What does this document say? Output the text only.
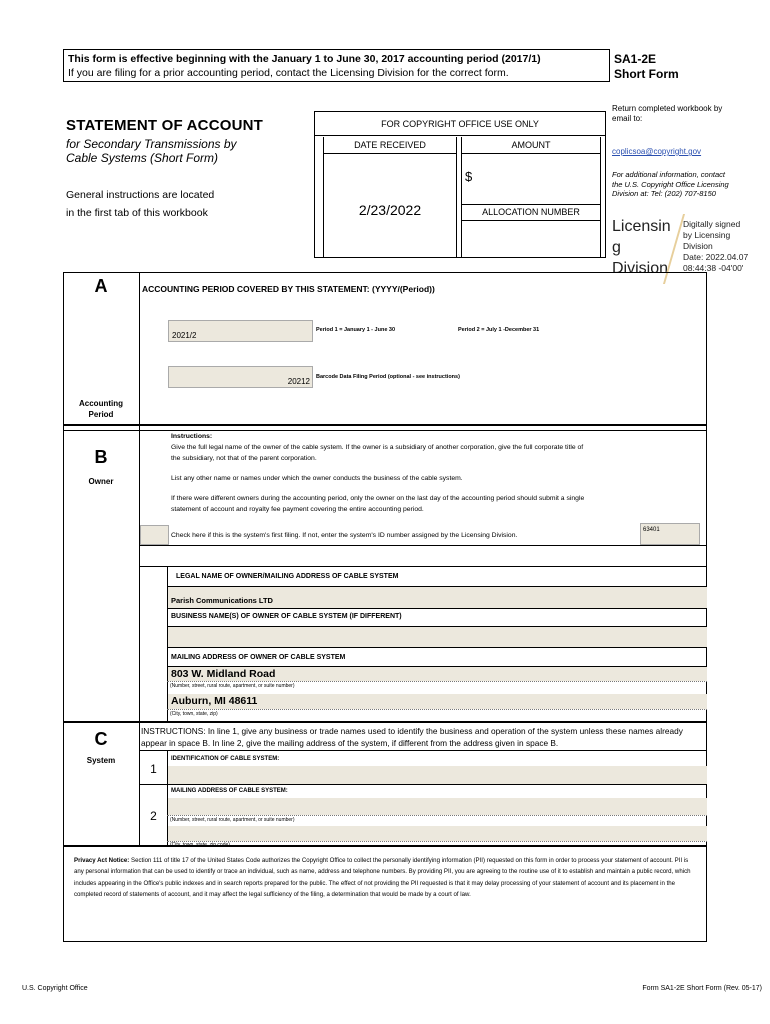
This form is effective beginning with the January 1 to June 30, 2017 accounting period (2017/1)
If you are filing for a prior accounting period, contact the Licensing Division for the correct form.
SA1-2E
Short Form
Return completed workbook by email to:
coplicsoa@copyright.gov
For additional information, contact the U.S. Copyright Office Licensing Division at: Tel: (202) 707-8150
STATEMENT OF ACCOUNT
for Secondary Transmissions by
Cable Systems (Short Form)
General instructions are located
in the first tab of this workbook
FOR COPYRIGHT OFFICE USE ONLY
DATE RECEIVED	AMOUNT
$
2/23/2022	ALLOCATION NUMBER
Licensin
g
Division
Digitally signed
by Licensing
Division
Date: 2022.04.07
08:44:38 -04'00'
A
Accounting
Period
ACCOUNTING PERIOD COVERED BY THIS STATEMENT: (YYYY/(Period))
2021/2
Period 1 = January 1 - June 30	Period 2 = July 1 -December 31
20212	Barcode Data Filing Period (optional - see instructions)
B
Owner
Instructions:
Give the full legal name of the owner of the cable system. If the owner is a subsidiary of another corporation, give the full corporate title of
the subsidiary, not that of the parent corporation.
List any other name or names under which the owner conducts the business of the cable system.
If there were different owners during the accounting period, only the owner on the last day of the accounting period should submit a single
statement of account and royalty fee payment covering the entire accounting period.
Check here if this is the system's first filing. If not, enter the system's ID number assigned by the Licensing Division.
63401
LEGAL NAME OF OWNER/MAILING ADDRESS OF CABLE SYSTEM
Parish Communications LTD
BUSINESS NAME(S) OF OWNER OF CABLE SYSTEM (IF DIFFERENT)
MAILING ADDRESS OF OWNER OF CABLE SYSTEM
803 W. Midland Road
(Number, street, rural route, apartment, or suite number)
Auburn, MI 48611
(City, town, state, zip)
C
System
INSTRUCTIONS: In line 1, give any business or trade names used to identify the business and operation of the system unless these names already appear in space B. In line 2, give the mailing address of the system, if different from the address given in space B.
1
IDENTIFICATION OF CABLE SYSTEM:
2
MAILING ADDRESS OF CABLE SYSTEM:
(Number, street, rural route, apartment, or suite number)
(City, town, state, zip code)
Privacy Act Notice: Section 111 of title 17 of the United States Code authorizes the Copyright Office to collect the personally identifying information (PII) requested on this form in order to process your statement of account. PII is any personal information that can be used to identify or trace an individual, such as name, address and telephone numbers. By providing PII, you are agreeing to the routine use of it to establish and maintain a public record, which includes appearing in the Office's public indexes and in search reports prepared for the public. The effect of not providing the PII requested is that it may delay processing of your statement of account and its placement in the completed record of statements of account, and it may affect the legal sufficiency of the filing, a determination that would be made by a court of law.
U.S. Copyright Office	Form SA1-2E Short Form (Rev. 05-17)
